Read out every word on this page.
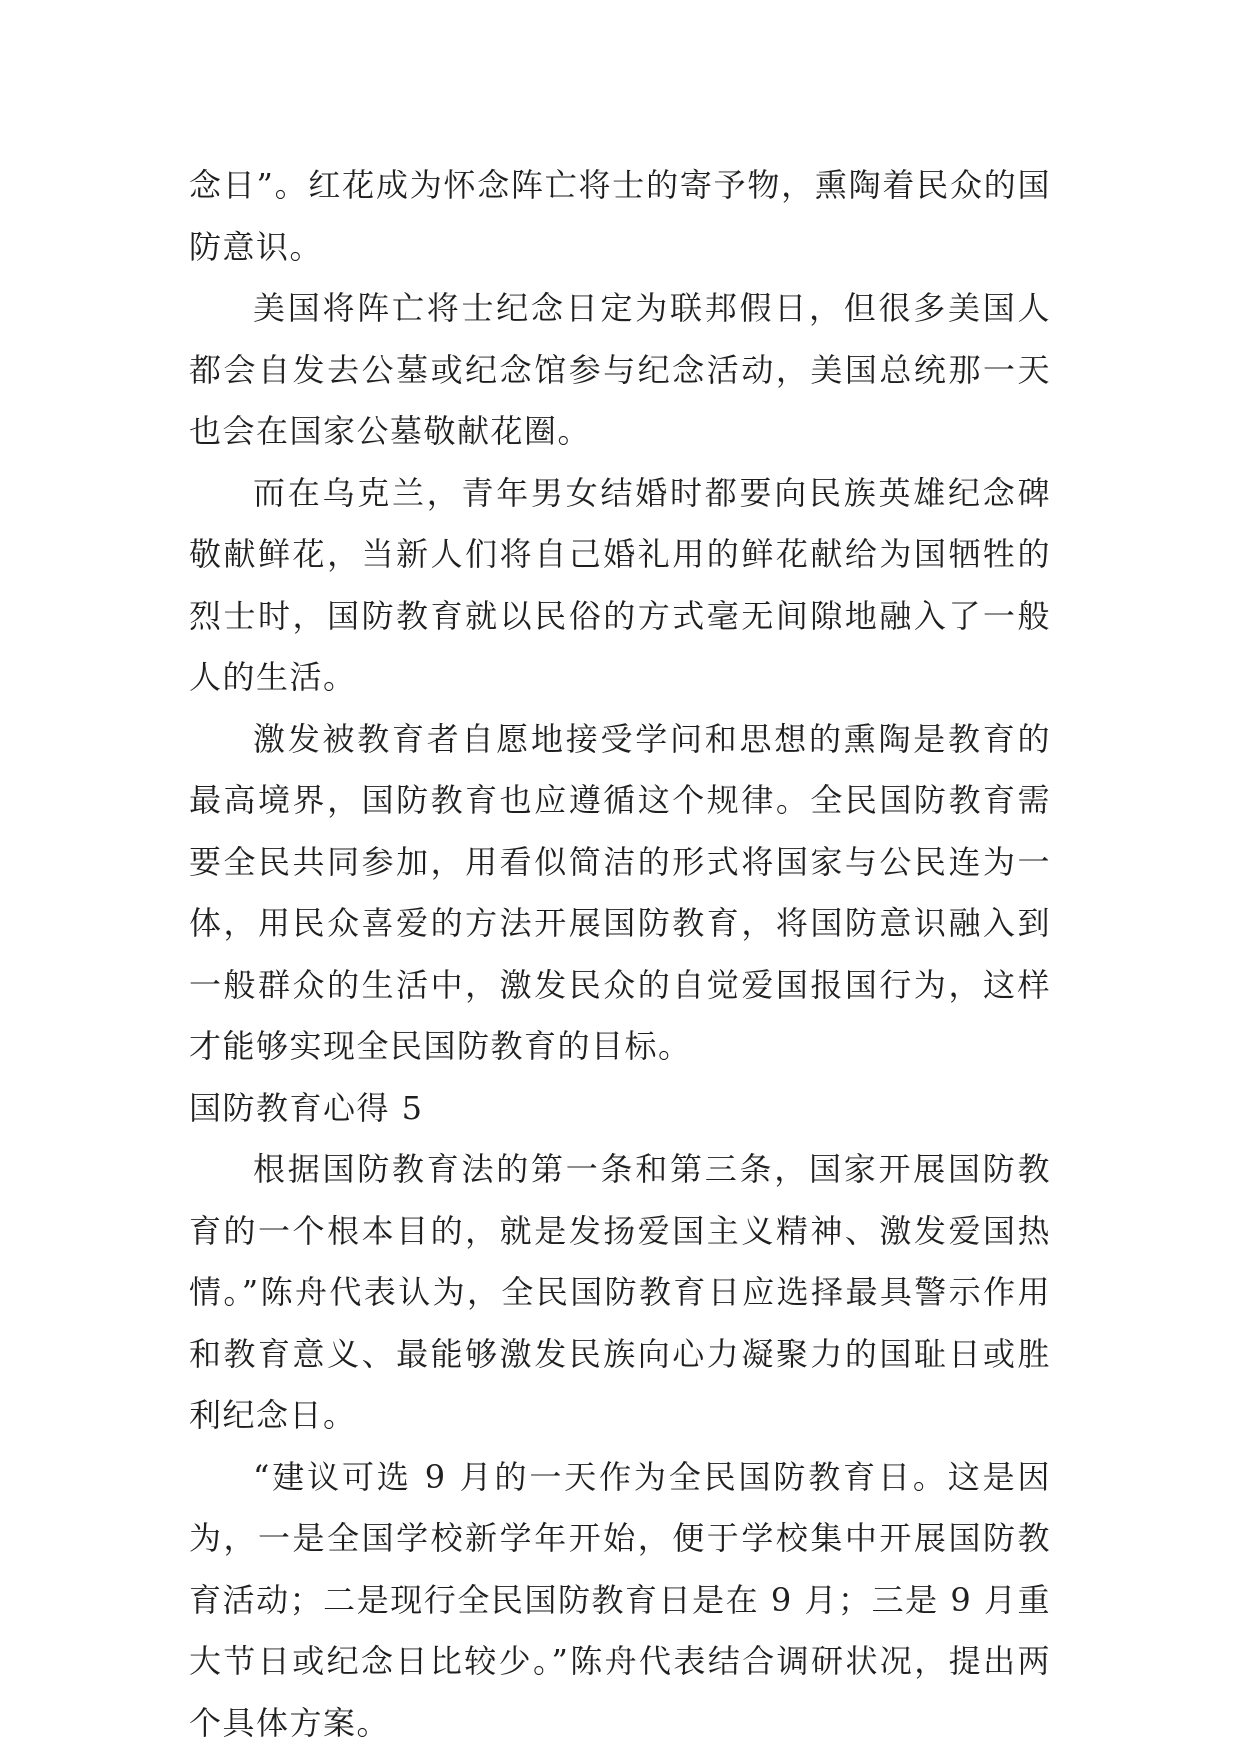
念日”。红花成为怀念阵亡将士的寄予物，熏陶着民众的国防意识。

美国将阵亡将士纪念日定为联邦假日，但很多美国人都会自发去公墓或纪念馆参与纪念活动，美国总统那一天也会在国家公墓敬献花圈。

而在乌克兰，青年男女结婚时都要向民族英雄纪念碑敬献鲜花，当新人们将自己婚礼用的鲜花献给为国牺牲的烈士时，国防教育就以民俗的方式毫无间隙地融入了一般人的生活。

激发被教育者自愿地接受学问和思想的熏陶是教育的最高境界，国防教育也应遵循这个规律。全民国防教育需要全民共同参加，用看似简洁的形式将国家与公民连为一体，用民众喜爱的方法开展国防教育，将国防意识融入到一般群众的生活中，激发民众的自觉爱国报国行为，这样才能够实现全民国防教育的目标。

国防教育心得 5

根据国防教育法的第一条和第三条，国家开展国防教育的一个根本目的，就是发扬爱国主义精神、激发爱国热情。”陈舟代表认为，全民国防教育日应选择最具警示作用和教育意义、最能够激发民族向心力凝聚力的国耻日或胜利纪念日。

“建议可选 9 月的一天作为全民国防教育日。这是因为，一是全国学校新学年开始，便于学校集中开展国防教育活动；二是现行全民国防教育日是在 9 月；三是 9 月重大节日或纪念日比较少。”陈舟代表结合调研状况，提出两个具体方案。
